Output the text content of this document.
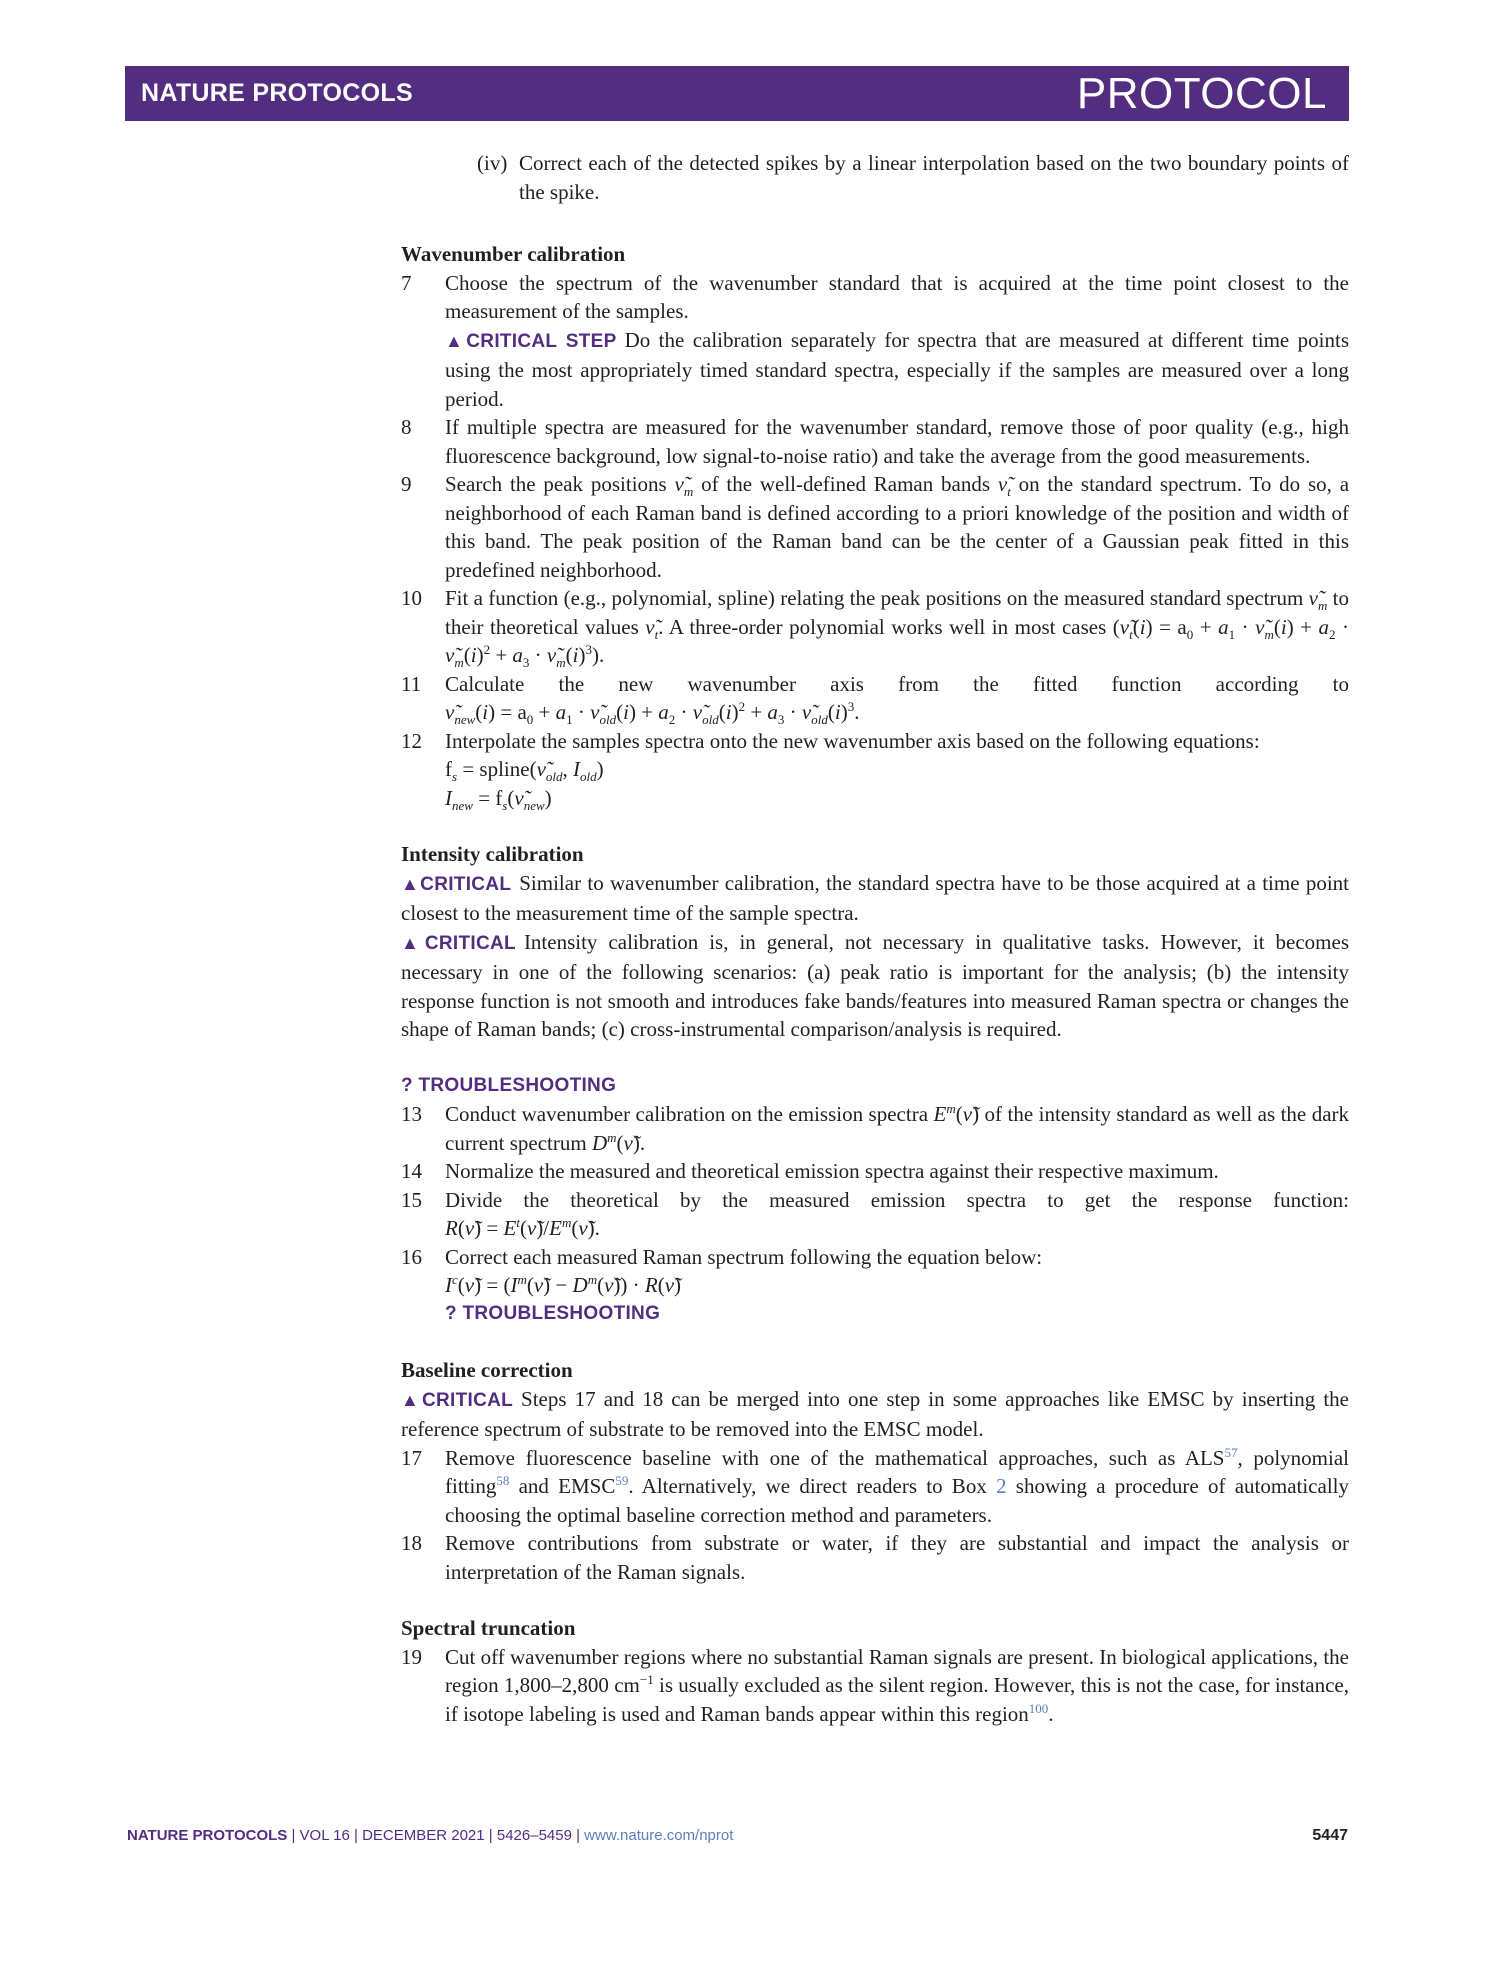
NATURE PROTOCOLS	PROTOCOL
(iv) Correct each of the detected spikes by a linear interpolation based on the two boundary points of the spike.
Wavenumber calibration
7	Choose the spectrum of the wavenumber standard that is acquired at the time point closest to the measurement of the samples.

▲CRITICAL STEP Do the calibration separately for spectra that are measured at different time points using the most appropriately timed standard spectra, especially if the samples are measured over a long period.

8	If multiple spectra are measured for the wavenumber standard, remove those of poor quality (e.g., high fluorescence background, low signal-to-noise ratio) and take the average from the good measurements.

9	Search the peak positions $\nũ_m$ of the well-defined Raman bands $\nũ_t$ on the standard spectrum. To do so, a neighborhood of each Raman band is defined according to a priori knowledge of the position and width of this band. The peak position of the Raman band can be the center of a Gaussian peak fitted in this predefined neighborhood.

10	Fit a function (e.g., polynomial, spline) relating the peak positions on the measured standard spectrum $\nũ_m$ to their theoretical values $\nũ_t$. A three-order polynomial works well in most cases ($\nũ_t(i) = a_0 + a_1$ · $\nũ_m(i) + a_2$ · $\nũ_m(i)^2 + a_3$ · $\nũ_m(i)^3$).

11	Calculate the new wavenumber axis from the fitted function according to

$\nũ_{new}(i) = a_0 + a_1$ · $\nũ_{old}(i) + a_2$ · $\nũ_{old}(i)^2 + a_3$ · $\nũ_{old}(i)^3$.

12	Interpolate the samples spectra onto the new wavenumber axis based on the following equations:

$f_s$ = $spline(\nũ_{old}$, $I_{old}$)

$I_{new}$ = $f_s(\nũ_{new})$

Intensity calibration

▲CRITICAL Similar to wavenumber calibration, the standard spectra have to be those acquired at a time point closest to the measurement time of the sample spectra.

▲CRITICAL Intensity calibration is, in general, not necessary in qualitative tasks. However, it becomes necessary in one of the following scenarios: (a) peak ratio is important for the analysis; (b) the intensity response function is not smooth and introduces fake bands/features into measured Raman spectra or changes the shape of Raman bands; (c) cross-instrumental comparison/analysis is required.

? TROUBLESHOOTING
13	Conduct wavenumber calibration on the emission spectra $E^m(\nũ)$ of the intensity standard as well as the dark current spectrum $D^m(\nũ)$.

14	Normalize the measured and theoretical emission spectra against their respective maximum.

15	Divide the theoretical by the measured emission spectra to get the response function:

R(ν̃) = $E^t(\nũ)/E^m(\nũ)$.

16	Correct each measured Raman spectrum following the equation below:

$I^c(\nũ)$ = ($I^m(\nũ)$ − $D^m(\nũ)$) · R(ν̃)

? TROUBLESHOOTING
Baseline correction

▲CRITICAL Steps 17 and 18 can be merged into one step in some approaches like EMSC by inserting the reference spectrum of substrate to be removed into the EMSC model.

17	Remove fluorescence baseline with one of the mathematical approaches, such as ALS$^{57}$, polynomial fitting$^{58}$ and EMSC$^{59}$. Alternatively, we direct readers to Box 2 showing a procedure of automatically choosing the optimal baseline correction method and parameters.

18	Remove contributions from substrate or water, if they are substantial and impact the analysis or interpretation of the Raman signals.

Spectral truncation
19	Cut off wavenumber regions where no substantial Raman signals are present. In biological applications, the region 1,800–2,800 $cm^{-1}$ is usually excluded as the silent region. However, this is not the case, for instance, if isotope labeling is used and Raman bands appear within this region$^{100}$.

NATURE PROTOCOLS | VOL 16 | DECEMBER 2021 | 5426–5459 | www.nature.com/nprot	5447
